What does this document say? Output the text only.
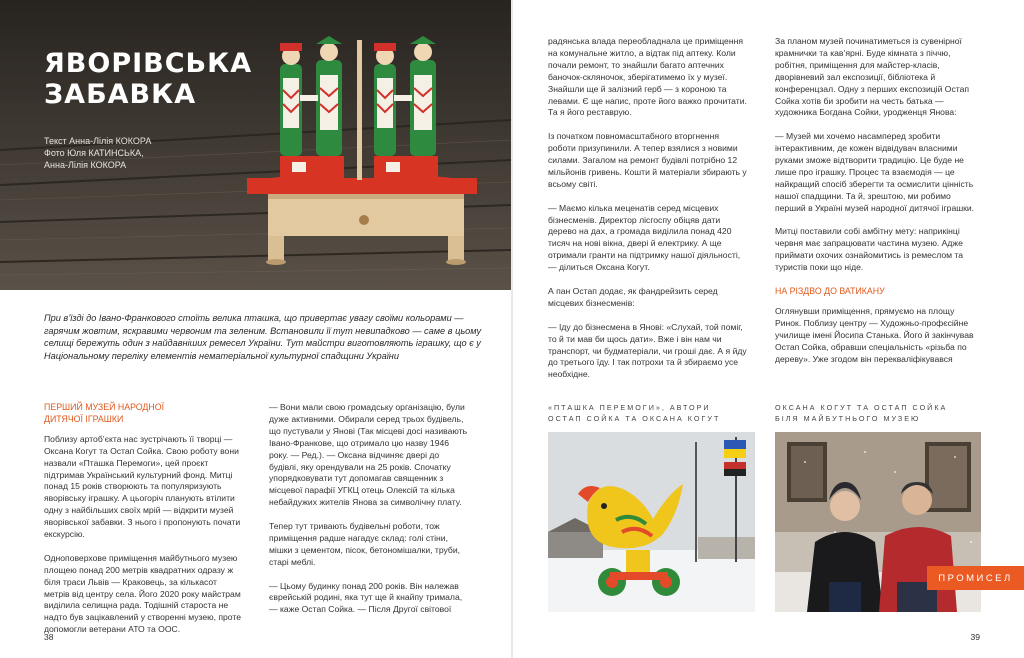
ЯВОРІВСЬКА
ЗАБАВКА
Текст Анна-Лілія КОКОРА
Фото Юля КАТИНСЬКА,
Анна-Лілія КОКОРА

При в’їзді до Івано-Франкового стоїть велика пташка, що привертає увагу своїми кольорами — гарячим жовтим, яскравими червоним та зеленим. Встановили її тут невипадково — саме в цьому селищі бережуть один з найдавніших ремесел України. Тут майстри виготовляють іграшку, що є у Національному переліку елементів нематеріальної культурної спадщини України

ПЕРШИЙ МУЗЕЙ НАРОДНОЇ
ДИТЯЧОЇ ІГРАШКИ

Поблизу артоб’єкта нас зустрічають її творці — Оксана Когут та Остап Сойка. Свою роботу вони назвали «Пташка Перемоги», цей проєкт підтримав Український культурний фонд. Митці понад 15 років створюють та популяризують яворівську іграшку. А цьогоріч планують втілити одну з найбільших своїх мрій — відкрити музей яворівської забавки. З нього і пропонують почати екскурсію.

Одноповерхове приміщення майбутнього музею площею понад 200 метрів квадратних одразу ж біля траси Львів — Краковець, за кількасот метрів від центру села. Його 2020 року майстрам виділила селищна рада. Тодішній староста не надто був зацікавлений у створенні музею, проте допомогли ветерани АТО та ООС.

— Вони мали свою громадську організацію, були дуже активними. Обирали серед трьох будівель, що пустували у Янові (Так місцеві досі називають Івано-Франкове, що отримало цю назву 1946 року. — Ред.). — Оксана відчиняє двері до будівлі, яку орендували на 25 років. Спочатку упорядковувати тут допомагав священник з місцевої парафії УГКЦ отець Олексій та кілька небайдужих жителів Янова за символічну плату.

Тепер тут тривають будівельні роботи, тож приміщення радше нагадує склад: голі стіни, мішки з цементом, пісок, бетономішалки, труби, старі меблі.

— Цьому будинку понад 200 років. Він належав єврейській родині, яка тут ще й кнайпу тримала, — каже Остап Сойка. — Після Другої світової

38

радянська влада переобладнала це приміщення на комунальне житло, а відтак під аптеку. Коли почали ремонт, то знайшли багато аптечних баночок-скляночок, зберігатимемо їх у музеї. Знайшли ще й залізний герб — з короною та левами. Є ще напис, проте його важко прочитати. Та я його реставрую.

Із початком повномасштабного вторгнення роботи призупинили. А тепер взялися з новими силами. Загалом на ремонт будівлі потрібно 12 мільйонів гривень. Кошти й матеріали збирають у всьому світі.

— Маємо кілька меценатів серед місцевих бізнесменів. Директор лісгоспу обіцяв дати дерево на дах, а громада виділила понад 420 тисяч на нові вікна, двері й електрику. А ще отримали гранти на підтримку нашої діяльності, — ділиться Оксана Когут.

А пан Остап додає, як фандрейзить серед місцевих бізнесменів:

— Іду до бізнесмена в Янові: «Слухай, той поміг, то й ти мав би щось дати». Вже і він нам чи транспорт, чи будматеріали, чи гроші дає. А я йду до третього їду. І так потрохи та й збираємо усе необхідне.

За планом музей починатиметься із сувенірної крамнички та кав’ярні. Буде кімната з піччю, робітня, приміщення для майстер-класів, дворівневий зал експозиції, бібліотека й конференцзал. Одну з перших експозицій Остап Сойка хотів би зробити на честь батька — художника Богдана Сойки, уродженця Янова:

— Музей ми хочемо насамперед зробити інтерактивним, де кожен відвідувач власними руками зможе відтворити традицію. Це буде не лише про іграшку. Процес та взаємодія — це найкращий спосіб зберегти та осмислити цінність нашої спадщини. Та й, зрештою, ми робимо перший в Україні музей народної дитячої іграшки.

Митці поставили собі амбітну мету: наприкінці червня має запрацювати частина музею. Адже приймати охочих ознайомитись із ремеслом та туристів поки що ніде.

НА РІЗДВО ДО ВАТИКАНУ

Оглянувши приміщення, прямуємо на площу Ринок. Поблизу центру — Художньо-профєсійне училище імені Йосипа Станька. Його й закінчував Остап Сойка, обравши спеціальність «різьба по дереву». Уже згодом він перекваліфікувався

«ПТАШКА ПЕРЕМОГИ», АВТОРИ
ОСТАП СОЙКА ТА ОКСАНА КОГУТ
ОКСАНА КОГУТ ТА ОСТАП СОЙКА
БІЛЯ МАЙБУТНЬОГО МУЗЕЮ
39
ПРОМИСЕЛ
